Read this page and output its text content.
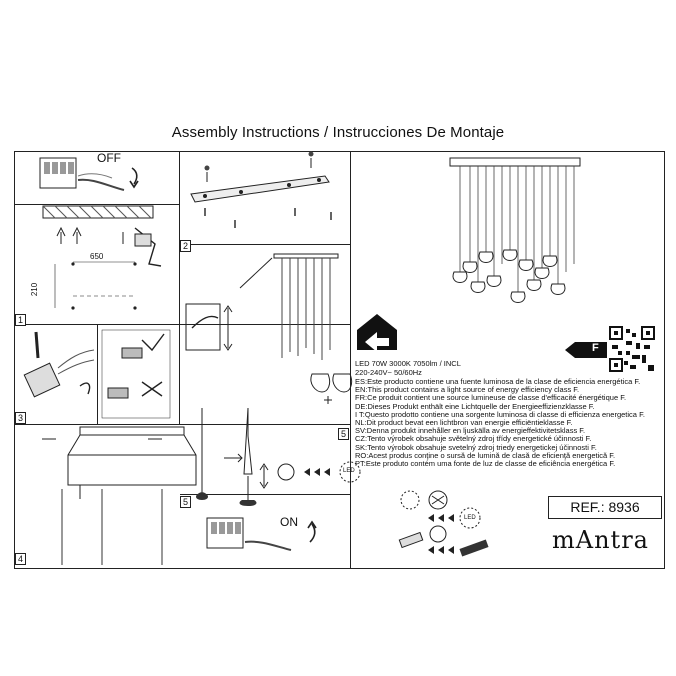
Assembly Instructions / Instrucciones De Montaje
1
2
3
4
5
5
OFF
650
210
LED
ON
F
LED 70W 3000K 7050lm / INCL
220-240V~ 50/60Hz
ES:Este producto contiene una fuente luminosa de la clase de eficiencia energética F.
EN:This product contains a light source of energy efficiency class F.
FR:Ce produit contient une source lumineuse de classe d'efficacité énergétique F.
DE:Dieses Produkt enthält eine Lichtquelle der Energieeffizienzklasse F.
I T:Questo prodotto contiene una sorgente luminosa di classe di efficienza energetica F.
NL:Dit product bevat een lichtbron van energie efficiëntieklasse F.
SV:Denna produkt innehåller en ljuskälla av energieffektivitetsklass F.
CZ:Tento výrobek obsahuje světelný zdroj třídy energetické účinnosti F.
SK:Tento výrobok obsahuje svetelný zdroj triedy energetickej účinnosti F.
RO:Acest produs conţine o sursă de lumină de clasă de eficienţă energetică F.
PT:Este produto contém uma fonte de luz de classe de eficiência energética F.
LED
REF.: 8936
mAntra
